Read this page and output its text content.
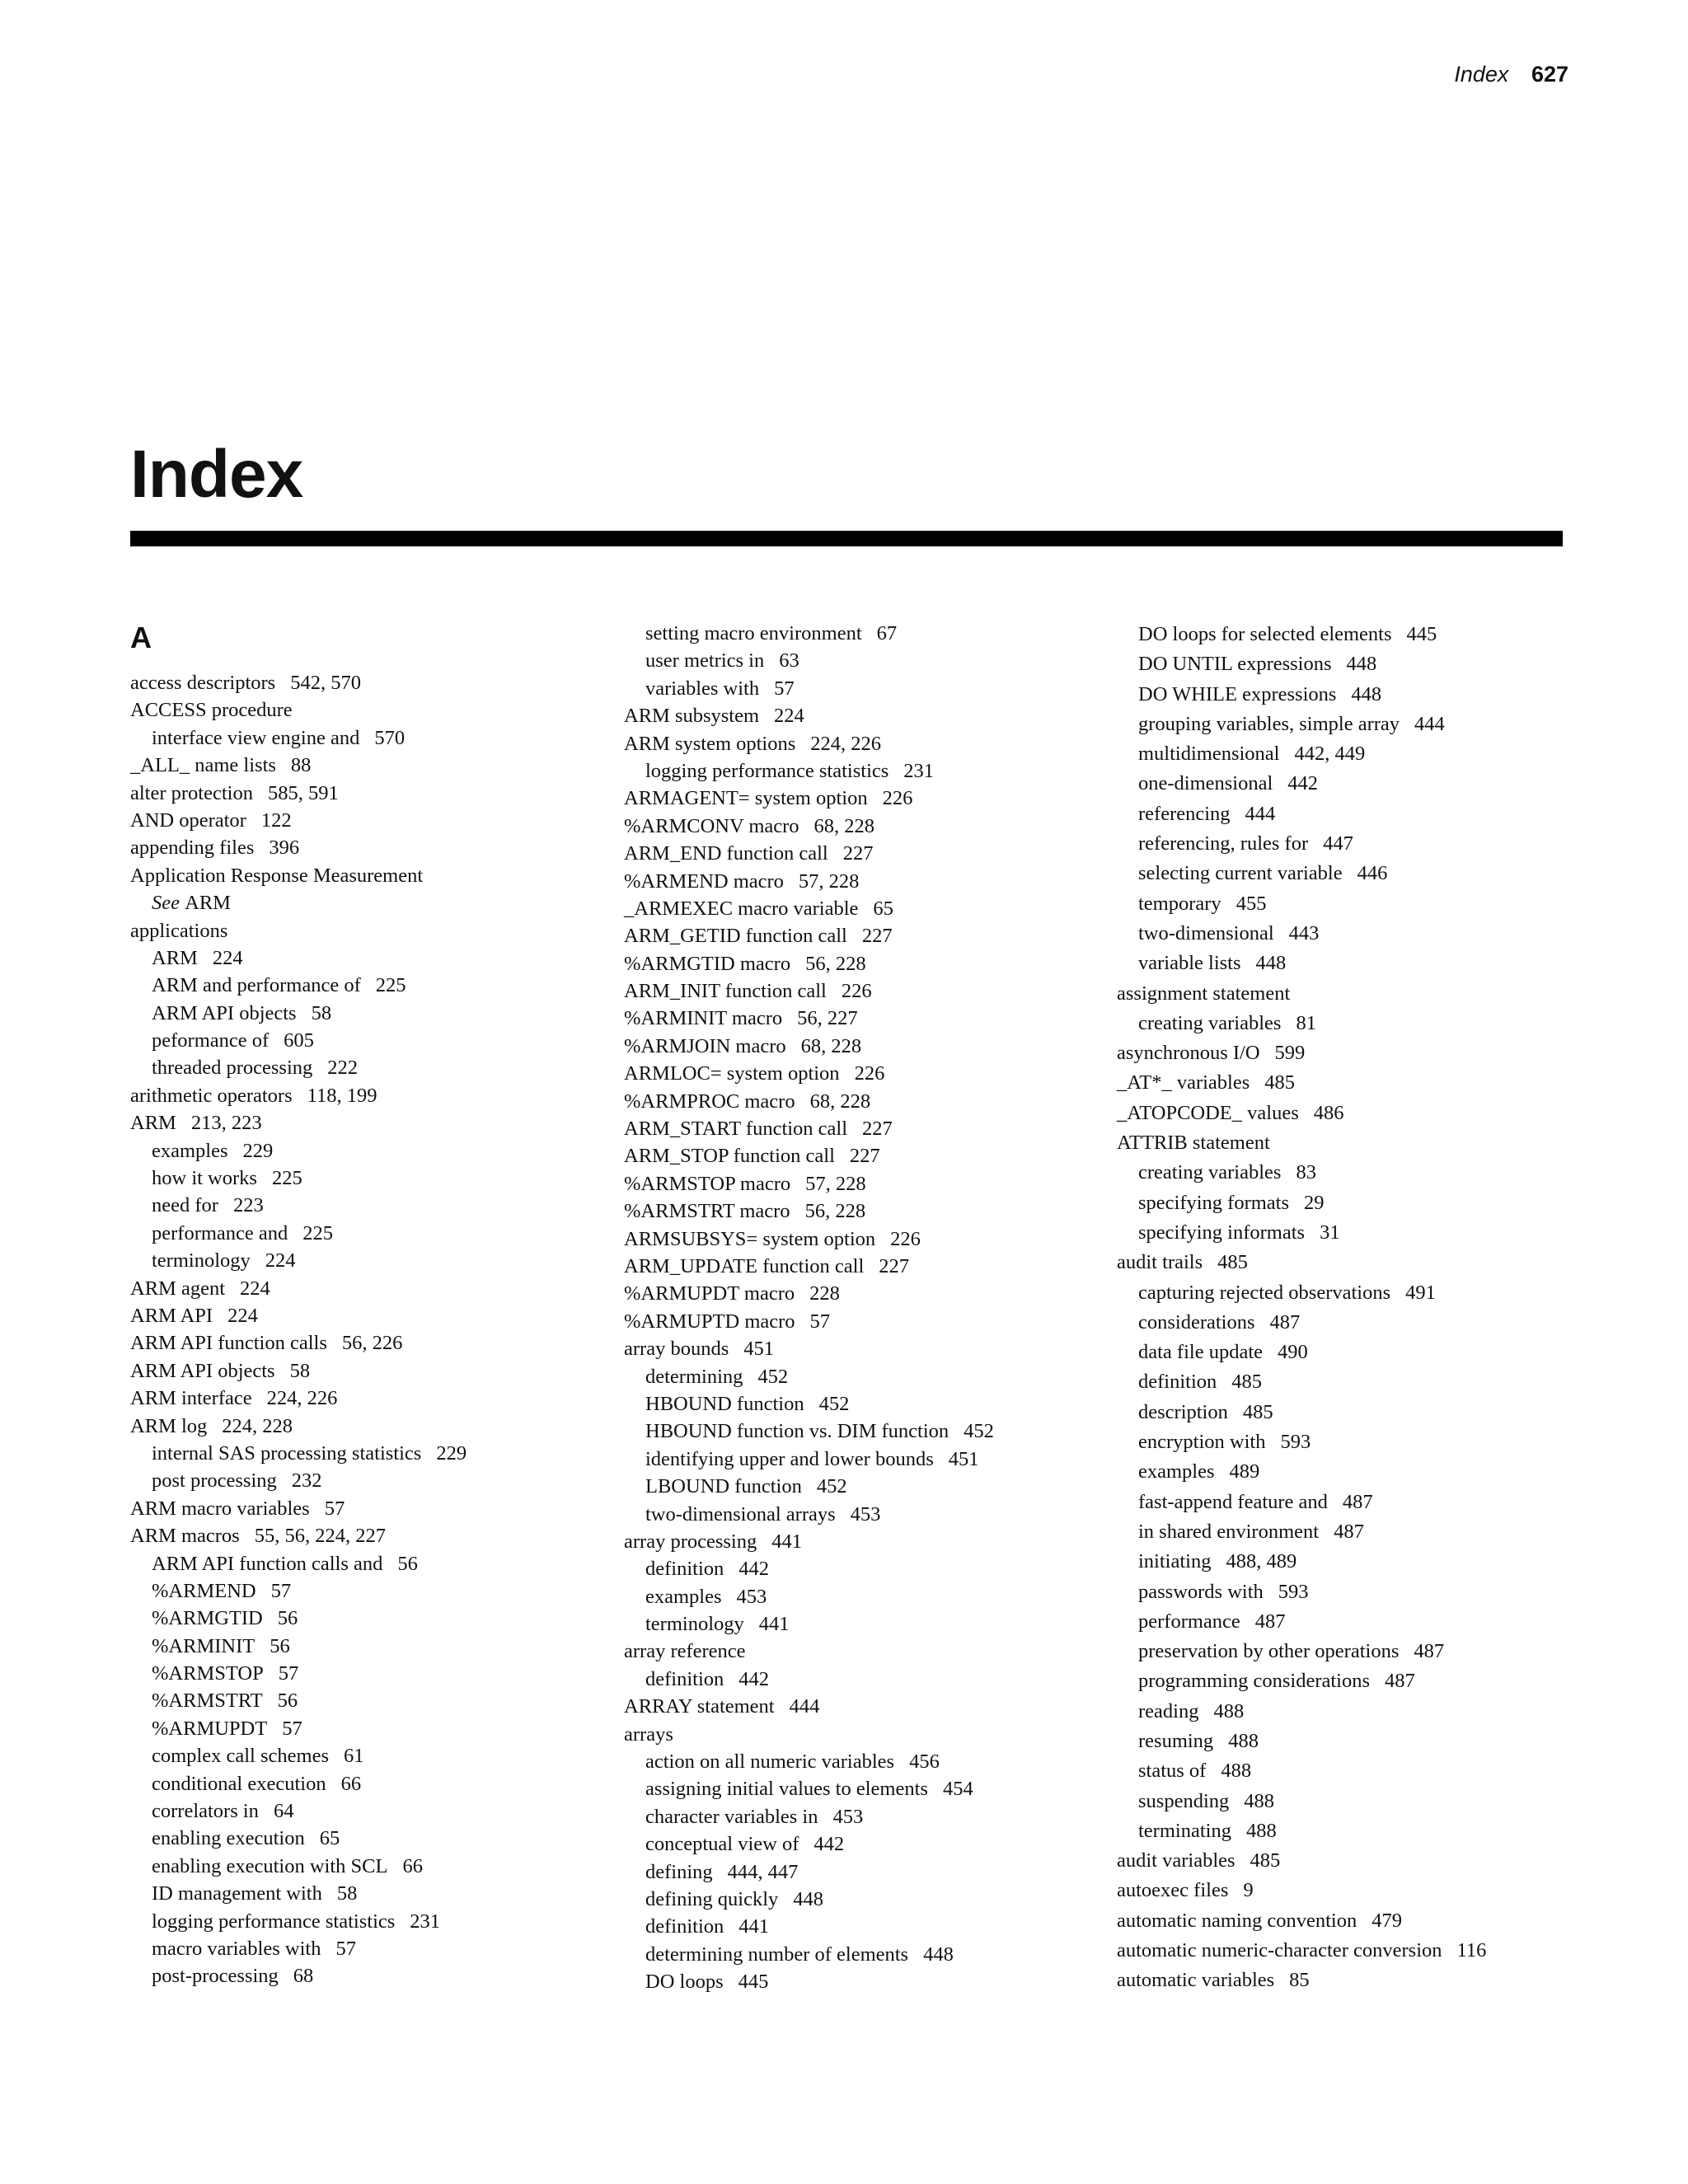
Index 627
Index
A
access descriptors 542, 570
ACCESS procedure
interface view engine and 570
_ALL_ name lists 88
alter protection 585, 591
AND operator 122
appending files 396
Application Response Measurement
See ARM
applications
ARM 224
ARM and performance of 225
ARM API objects 58
peformance of 605
threaded processing 222
arithmetic operators 118, 199
ARM 213, 223
examples 229
how it works 225
need for 223
performance and 225
terminology 224
ARM agent 224
ARM API 224
ARM API function calls 56, 226
ARM API objects 58
ARM interface 224, 226
ARM log 224, 228
internal SAS processing statistics 229
post processing 232
ARM macro variables 57
ARM macros 55, 56, 224, 227
ARM API function calls and 56
%ARMEND 57
%ARMGTID 56
%ARMINIT 56
%ARMSTOP 57
%ARMSTRT 56
%ARMUPDT 57
complex call schemes 61
conditional execution 66
correlators in 64
enabling execution 65
enabling execution with SCL 66
ID management with 58
logging performance statistics 231
macro variables with 57
post-processing 68
setting macro environment 67
user metrics in 63
variables with 57
ARM subsystem 224
ARM system options 224, 226
logging performance statistics 231
ARMAGENT= system option 226
%ARMCONV macro 68, 228
ARM_END function call 227
%ARMEND macro 57, 228
_ARMEXEC macro variable 65
ARM_GETID function call 227
%ARMGTID macro 56, 228
ARM_INIT function call 226
%ARMINIT macro 56, 227
%ARMJOIN macro 68, 228
ARMLOC= system option 226
%ARMPROC macro 68, 228
ARM_START function call 227
ARM_STOP function call 227
%ARMSTOP macro 57, 228
%ARMSTRT macro 56, 228
ARMSUBSYS= system option 226
ARM_UPDATE function call 227
%ARMUPDT macro 228
%ARMUPTD macro 57
array bounds 451
determining 452
HBOUND function 452
HBOUND function vs. DIM function 452
identifying upper and lower bounds 451
LBOUND function 452
two-dimensional arrays 453
array processing 441
definition 442
examples 453
terminology 441
array reference
definition 442
ARRAY statement 444
arrays
action on all numeric variables 456
assigning initial values to elements 454
character variables in 453
conceptual view of 442
defining 444, 447
defining quickly 448
definition 441
determining number of elements 448
DO loops 445
DO loops for selected elements 445
DO UNTIL expressions 448
DO WHILE expressions 448
grouping variables, simple array 444
multidimensional 442, 449
one-dimensional 442
referencing 444
referencing, rules for 447
selecting current variable 446
temporary 455
two-dimensional 443
variable lists 448
assignment statement
creating variables 81
asynchronous I/O 599
_AT*_ variables 485
_ATOPCODE_ values 486
ATTRIB statement
creating variables 83
specifying formats 29
specifying informats 31
audit trails 485
capturing rejected observations 491
considerations 487
data file update 490
definition 485
description 485
encryption with 593
examples 489
fast-append feature and 487
in shared environment 487
initiating 488, 489
passwords with 593
performance 487
preservation by other operations 487
programming considerations 487
reading 488
resuming 488
status of 488
suspending 488
terminating 488
audit variables 485
autoexec files 9
automatic naming convention 479
automatic numeric-character conversion 116
automatic variables 85
